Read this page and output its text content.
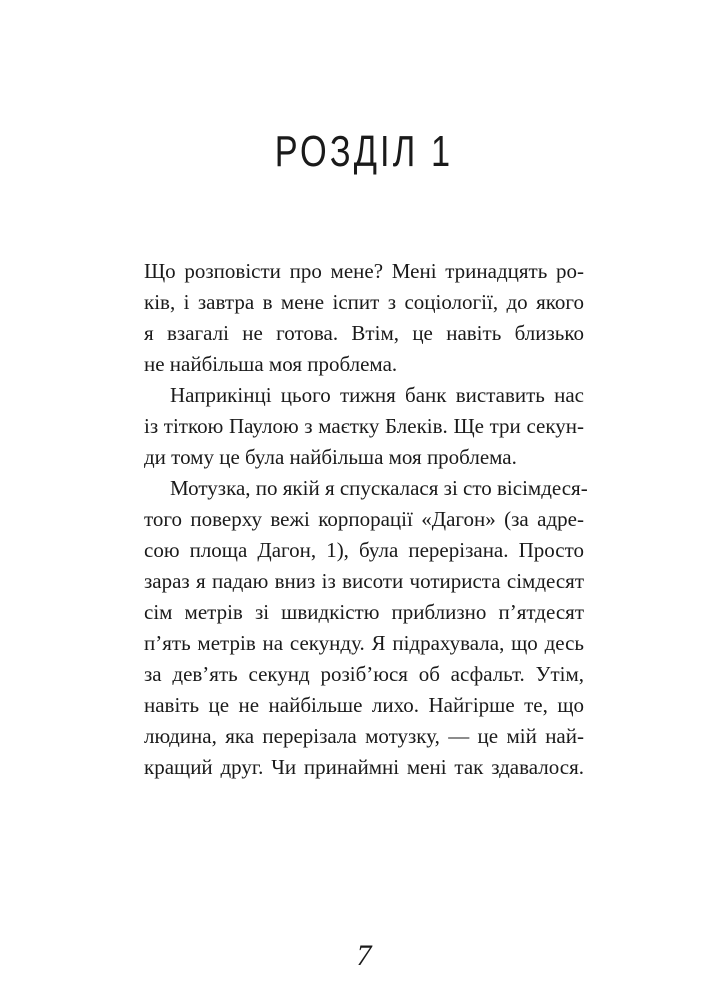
РОЗДІЛ 1
Що розповісти про мене? Мені тринадцять ро-
ків, і завтра в мене іспит з соціології, до якого
я взагалі не готова. Втім, це навіть близько
не найбільша моя проблема.
Наприкінці цього тижня банк виставить нас
із тіткою Паулою з маєтку Блеків. Ще три секун-
ди тому це була найбільша моя проблема.
Мотузка, по якій я спускалася зі сто вісімдеся-
того поверху вежі корпорації «Дагон» (за адре-
сою площа Дагон, 1), була перерізана. Просто
зараз я падаю вниз із висоти чотириста сімдесят
сім метрів зі швидкістю приблизно п’ятдесят
п’ять метрів на секунду. Я підрахувала, що десь
за дев’ять секунд розіб’юся об асфальт. Утім,
навіть це не найбільше лихо. Найгірше те, що
людина, яка перерізала мотузку, — це мій най-
кращий друг. Чи принаймні мені так здавалося.
7
